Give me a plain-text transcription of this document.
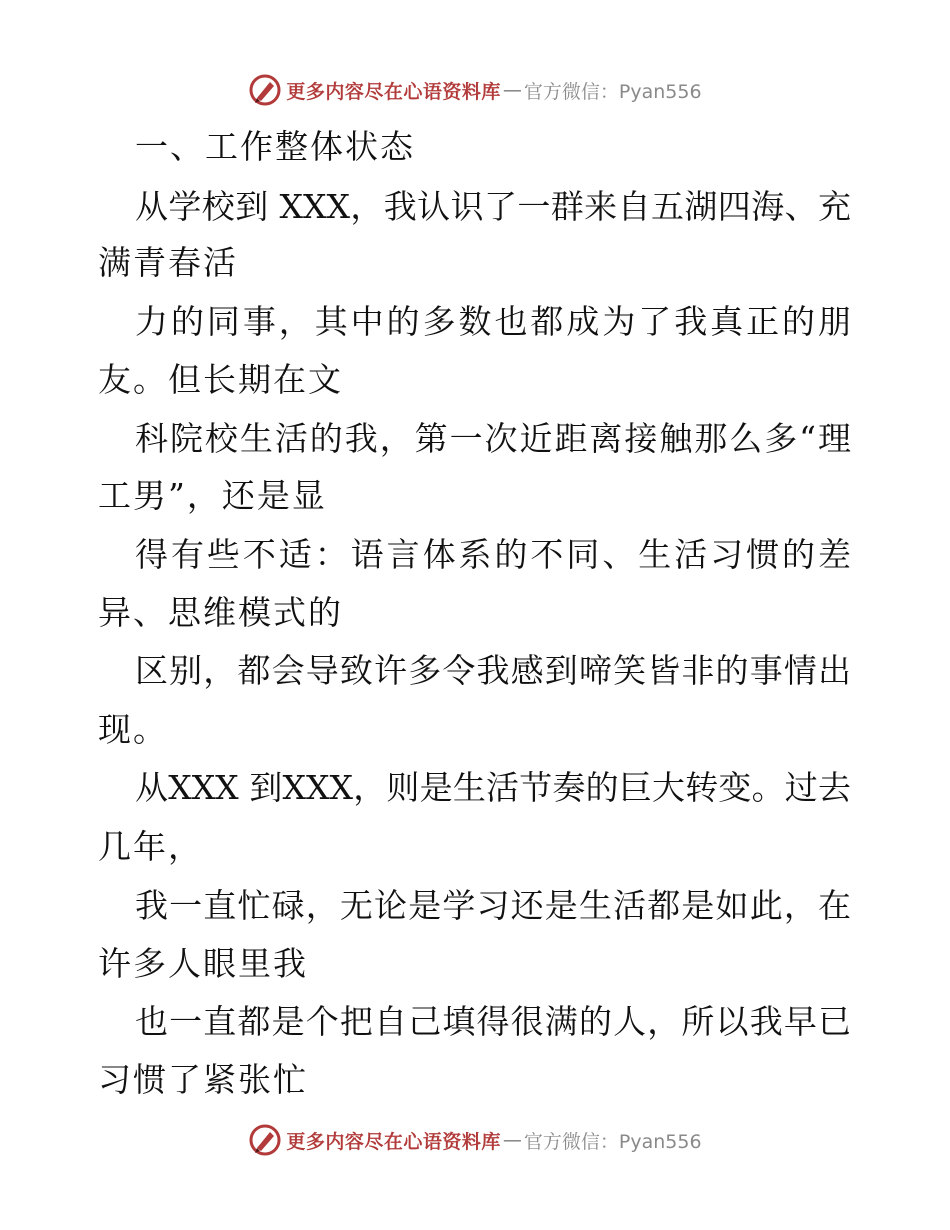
更多内容尽在心语资料库 — 官方微信：Pyan556
一、工作整体状态
从学校到 XXX，我认识了一群来自五湖四海、充
满青春活
力的同事，其中的多数也都成为了我真正的朋
友。但长期在文
科院校生活的我，第一次近距离接触那么多“理
工男”，还是显
得有些不适：语言体系的不同、生活习惯的差
异、思维模式的
区别，都会导致许多令我感到啼笑皆非的事情出
现。
从XXX 到XXX，则是生活节奏的巨大转变。过去
几年，
我一直忙碌，无论是学习还是生活都是如此，在
许多人眼里我
也一直都是个把自己填得很满的人，所以我早已
习惯了紧张忙
更多内容尽在心语资料库 — 官方微信：Pyan556
